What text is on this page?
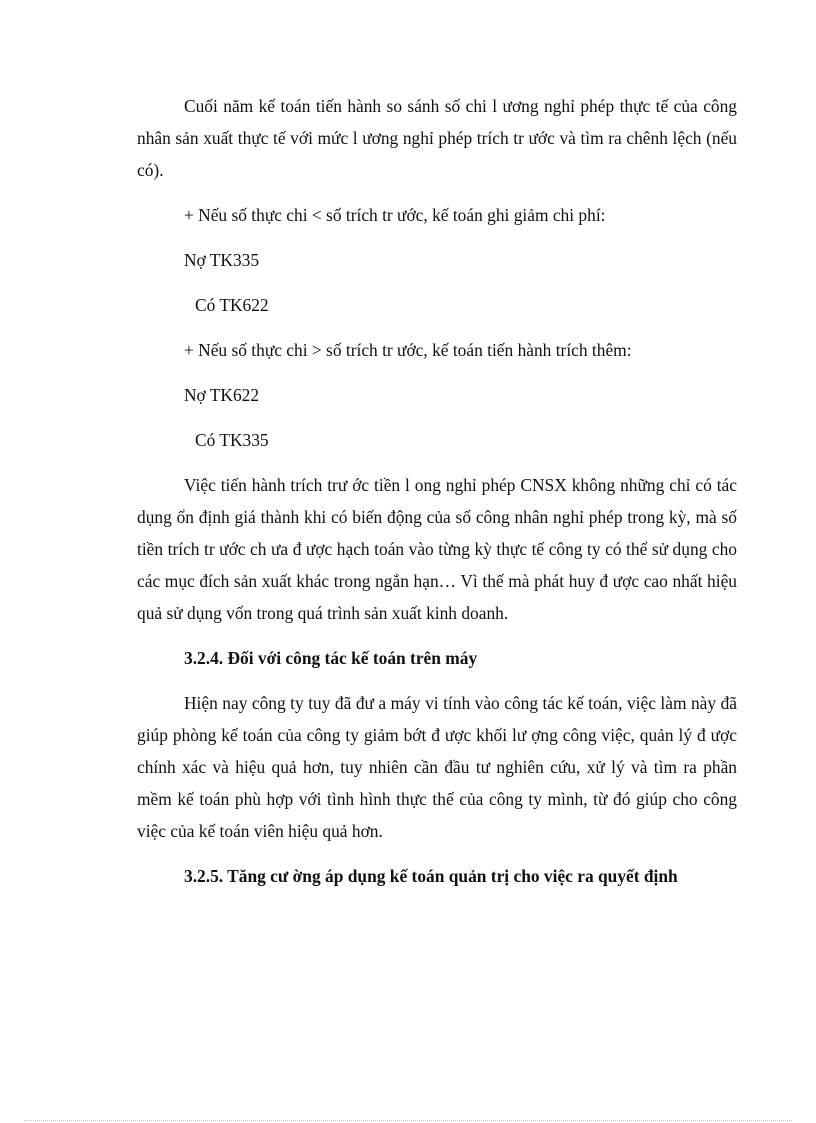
Cuối năm kế toán tiến hành so sánh số chi l ương nghỉ phép thực tế của công nhân sản xuất thực tế với mức l ương nghỉ phép trích tr ước và tìm ra chênh lệch (nếu có).

+ Nếu số thực chi < số trích tr ước, kế toán ghi giảm chi phí:

Nợ TK335

Có TK622

+ Nếu số thực chi > số trích tr ước, kế toán tiến hành trích thêm:

Nợ TK622

Có TK335

Việc tiến hành trích trư ớc tiền l ong nghỉ phép CNSX không những chỉ có tác dụng ổn định giá thành khi có biến động của số công nhân nghỉ phép trong kỳ, mà số tiền trích tr ước ch ưa đ ược hạch toán vào từng kỳ thực tế công ty có thể sử dụng cho các mục đích sản xuất khác trong ngắn hạn… Vì thế mà phát huy đ ược cao nhất hiệu quả sử dụng vốn trong quá trình sản xuất kinh doanh.

3.2.4. Đối với công tác kế toán trên máy

Hiện nay công ty tuy đã đư a máy vi tính vào công tác kế toán, việc làm này đã giúp phòng kế toán của công ty giảm bớt đ ược khối lư ợng công việc, quản lý đ ược chính xác và hiệu quả hơn, tuy nhiên cần đầu tư nghiên cứu, xử lý và tìm ra phần mềm kế toán phù hợp với tình hình thực thế của công ty mình, từ đó giúp cho công việc của kế toán viên hiệu quả hơn.

3.2.5. Tăng cư ờng áp dụng kế toán quản trị cho việc ra quyết định
